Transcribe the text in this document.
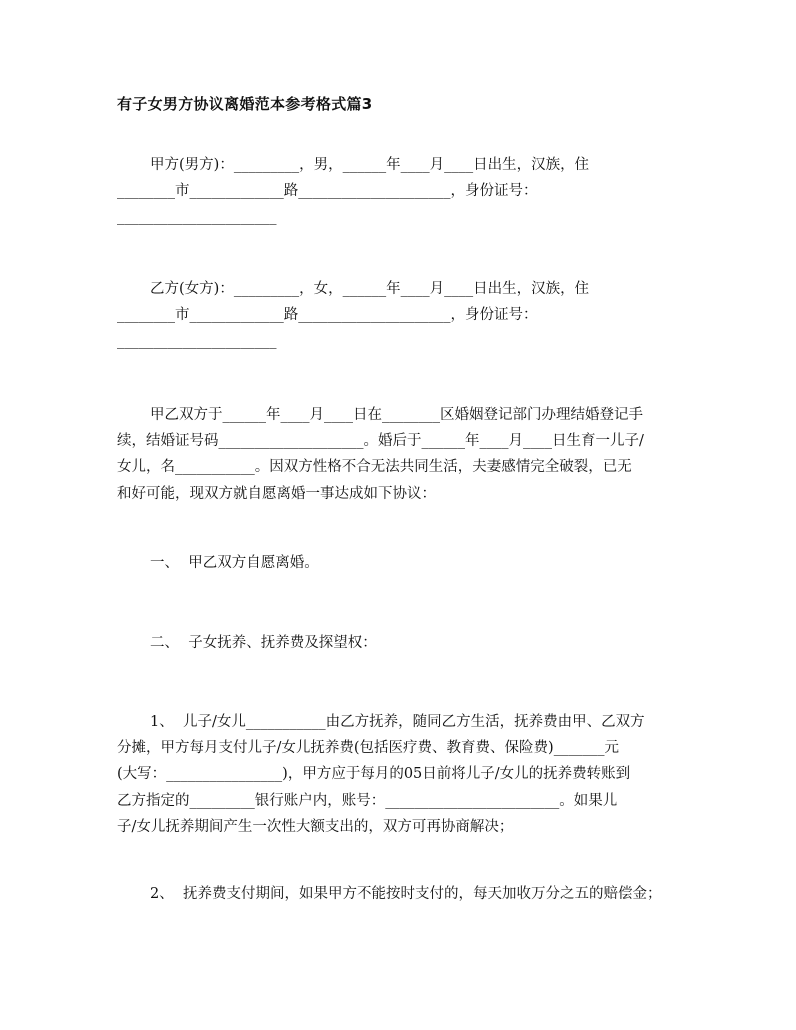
有子女男方协议离婚范本参考格式篇3

甲方(男方)：_________，男，______年____月____日出生，汉族，住

________市_____________路_____________________，身份证号：

______________________

乙方(女方)：_________，女，______年____月____日出生，汉族，住

________市_____________路_____________________，身份证号：

______________________

甲乙双方于______年____月____日在________区婚姻登记部门办理结婚登记手

续，结婚证号码____________________。婚后于______年____月____日生育一儿子/

女儿，名___________。因双方性格不合无法共同生活，夫妻感情完全破裂，已无

和好可能，现双方就自愿离婚一事达成如下协议：

一、  甲乙双方自愿离婚。

二、  子女抚养、抚养费及探望权：

1、  儿子/女儿___________由乙方抚养，随同乙方生活，抚养费由甲、乙双方

分摊，甲方每月支付儿子/女儿抚养费(包括医疗费、教育费、保险费)_______元

(大写：________________)，甲方应于每月的05日前将儿子/女儿的抚养费转账到

乙方指定的_________银行账户内，账号：________________________。如果儿

子/女儿抚养期间产生一次性大额支出的，双方可再协商解决；

2、  抚养费支付期间，如果甲方不能按时支付的，每天加收万分之五的赔偿金；
